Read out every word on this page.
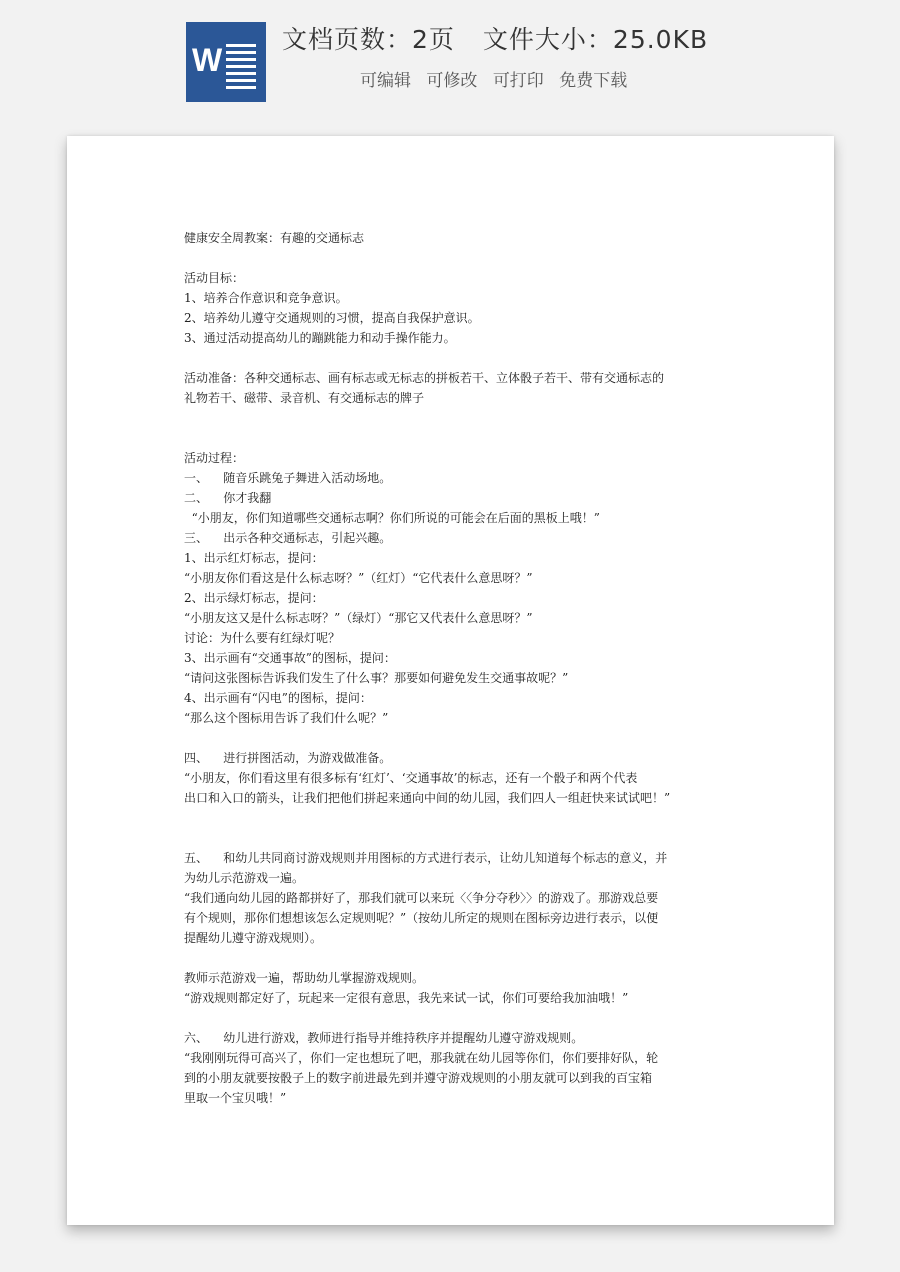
W
文档页数：2页 文件大小：25.0KB
可编辑 可修改 可打印 免费下载

健康安全周教案：有趣的交通标志

活动目标：

1、培养合作意识和竞争意识。

2、培养幼儿遵守交通规则的习惯，提高自我保护意识。

3、通过活动提高幼儿的蹦跳能力和动手操作能力。

活动准备：各种交通标志、画有标志或无标志的拼板若干、立体骰子若干、带有交通标志的

礼物若干、磁带、录音机、有交通标志的牌子

活动过程：

一、    随音乐跳兔子舞进入活动场地。

二、    你才我翻

“小朋友，你们知道哪些交通标志啊？你们所说的可能会在后面的黑板上哦！”

三、    出示各种交通标志，引起兴趣。

1、出示红灯标志，提问：

“小朋友你们看这是什么标志呀？”（红灯）“它代表什么意思呀？”

2、出示绿灯标志，提问：

“小朋友这又是什么标志呀？”（绿灯）“那它又代表什么意思呀？”

讨论：为什么要有红绿灯呢？

3、出示画有“交通事故”的图标，提问：

“请问这张图标告诉我们发生了什么事？那要如何避免发生交通事故呢？”

4、出示画有“闪电”的图标，提问：

“那么这个图标用告诉了我们什么呢？”

四、    进行拼图活动，为游戏做准备。

“小朋友，你们看这里有很多标有‘红灯’、‘交通事故’的标志，还有一个骰子和两个代表

出口和入口的箭头，让我们把他们拼起来通向中间的幼儿园，我们四人一组赶快来试试吧！”

五、    和幼儿共同商讨游戏规则并用图标的方式进行表示，让幼儿知道每个标志的意义，并

为幼儿示范游戏一遍。

“我们通向幼儿园的路都拼好了，那我们就可以来玩〈〈争分夺秒〉〉的游戏了。那游戏总要

有个规则，那你们想想该怎么定规则呢？”（按幼儿所定的规则在图标旁边进行表示，以便

提醒幼儿遵守游戏规则）。

教师示范游戏一遍，帮助幼儿掌握游戏规则。

“游戏规则都定好了，玩起来一定很有意思，我先来试一试，你们可要给我加油哦！”

六、    幼儿进行游戏，教师进行指导并维持秩序并提醒幼儿遵守游戏规则。

“我刚刚玩得可高兴了，你们一定也想玩了吧，那我就在幼儿园等你们，你们要排好队，轮

到的小朋友就要按骰子上的数字前进最先到并遵守游戏规则的小朋友就可以到我的百宝箱

里取一个宝贝哦！”
